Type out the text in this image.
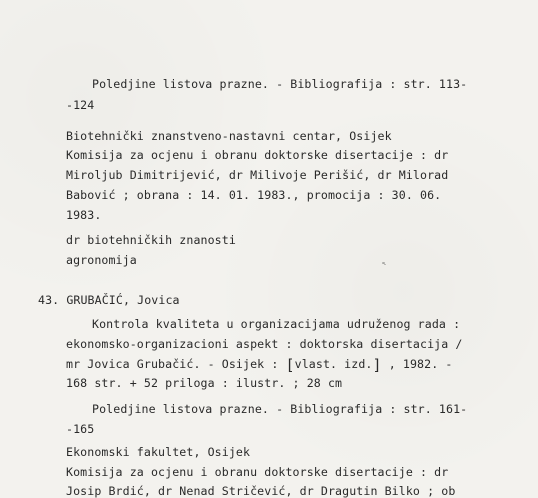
Poledjine listova prazne. - Bibliografija : str. 113-
-124
Biotehnički znanstveno-nastavni centar, Osijek
Komisija za ocjenu i obranu doktorske disertacije : dr
Miroljub Dimitrijević, dr Milivoje Perišić, dr Milorad
Babović ; obrana : 14. 01. 1983., promocija : 30. 06.
1983.
dr biotehničkih znanosti
agronomija
43. GRUBAČIĆ, Jovica
Kontrola kvaliteta u organizacijama udruženog rada :
ekonomsko-organizacioni aspekt : doktorska disertacija /
mr Jovica Grubačić. - Osijek : [vlast. izd.] , 1982. -
168 str. + 52 priloga : ilustr. ; 28 cm
Poledjine listova prazne. - Bibliografija : str. 161-
-165
Ekonomski fakultet, Osijek
Komisija za ocjenu i obranu doktorske disertacije : dr
Josip Brdić, dr Nenad Stričević, dr Dragutin Bilko ; ob
